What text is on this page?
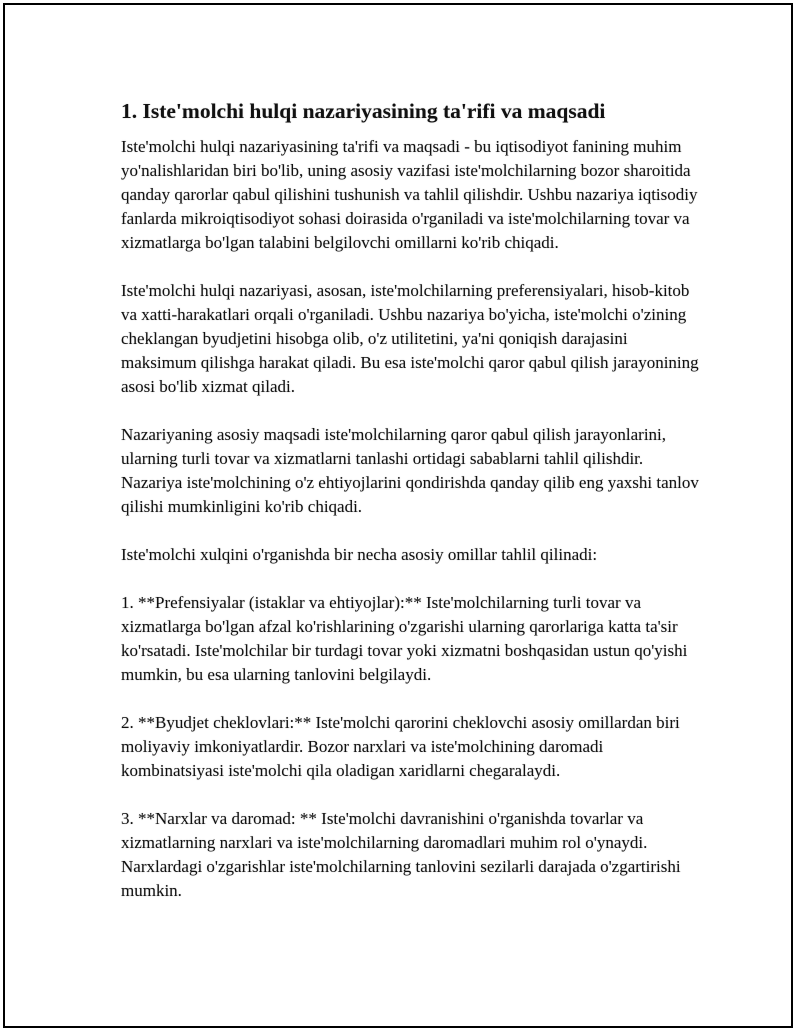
1. Iste'molchi hulqi nazariyasining ta'rifi va maqsadi

Iste'molchi hulqi nazariyasining ta'rifi va maqsadi - bu iqtisodiyot fanining muhim yo'nalishlaridan biri bo'lib, uning asosiy vazifasi iste'molchilarning bozor sharoitida qanday qarorlar qabul qilishini tushunish va tahlil qilishdir. Ushbu nazariya iqtisodiy fanlarda mikroiqtisodiyot sohasi doirasida o'rganiladi va iste'molchilarning tovar va xizmatlarga bo'lgan talabini belgilovchi omillarni ko'rib chiqadi.

Iste'molchi hulqi nazariyasi, asosan, iste'molchilarning preferensiyalari, hisob-kitob va xatti-harakatlari orqali o'rganiladi. Ushbu nazariya bo'yicha, iste'molchi o'zining cheklangan byudjetini hisobga olib, o'z utilitetini, ya'ni qoniqish darajasini maksimum qilishga harakat qiladi. Bu esa iste'molchi qaror qabul qilish jarayonining asosi bo'lib xizmat qiladi.

Nazariyaning asosiy maqsadi iste'molchilarning qaror qabul qilish jarayonlarini, ularning turli tovar va xizmatlarni tanlashi ortidagi sabablarni tahlil qilishdir. Nazariya iste'molchining o'z ehtiyojlarini qondirishda qanday qilib eng yaxshi tanlov qilishi mumkinligini ko'rib chiqadi.

Iste'molchi xulqini o'rganishda bir necha asosiy omillar tahlil qilinadi:

1. **Prefensiyalar (istaklar va ehtiyojlar):** Iste'molchilarning turli tovar va xizmatlarga bo'lgan afzal ko'rishlarining o'zgarishi ularning qarorlariga katta ta'sir ko'rsatadi. Iste'molchilar bir turdagi tovar yoki xizmatni boshqasidan ustun qo'yishi mumkin, bu esa ularning tanlovini belgilaydi.

2. **Byudjet cheklovlari:** Iste'molchi qarorini cheklovchi asosiy omillardan biri moliyaviy imkoniyatlardir. Bozor narxlari va iste'molchining daromadi kombinatsiyasi iste'molchi qila oladigan xaridlarni chegaralaydi.

3. **Narxlar va daromad: ** Iste'molchi davranishini o'rganishda tovarlar va xizmatlarning narxlari va iste'molchilarning daromadlari muhim rol o'ynaydi. Narxlardagi o'zgarishlar iste'molchilarning tanlovini sezilarli darajada o'zgartirishi mumkin.
